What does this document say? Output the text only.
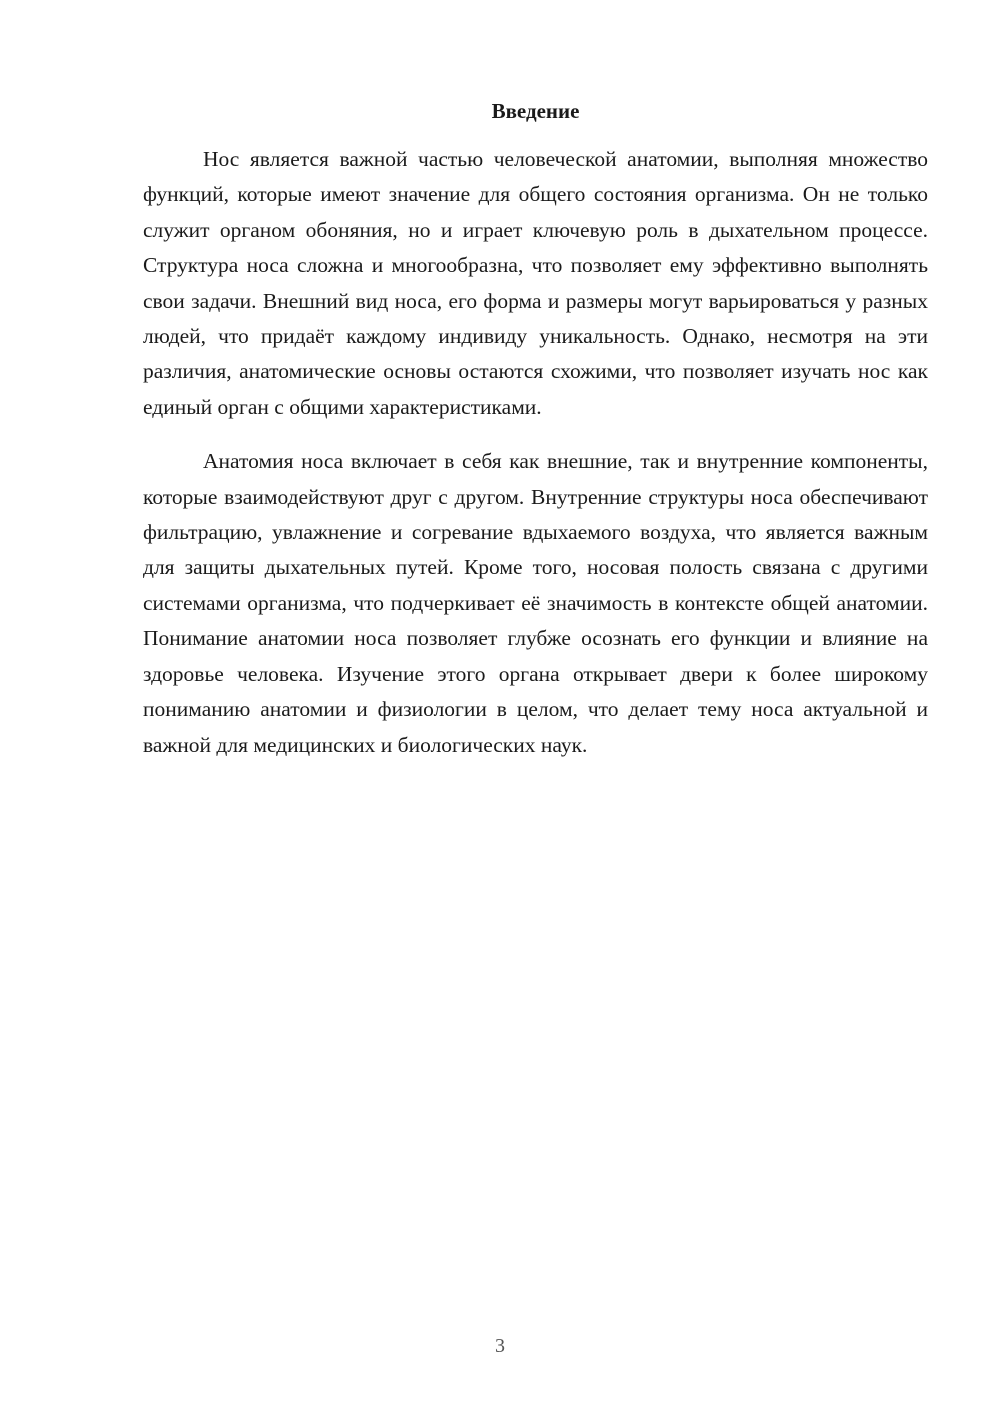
Введение

Нос является важной частью человеческой анатомии, выполняя множество функций, которые имеют значение для общего состояния организма. Он не только служит органом обоняния, но и играет ключевую роль в дыхательном процессе. Структура носа сложна и многообразна, что позволяет ему эффективно выполнять свои задачи. Внешний вид носа, его форма и размеры могут варьироваться у разных людей, что придаёт каждому индивиду уникальность. Однако, несмотря на эти различия, анатомические основы остаются схожими, что позволяет изучать нос как единый орган с общими характеристиками.

Анатомия носа включает в себя как внешние, так и внутренние компоненты, которые взаимодействуют друг с другом. Внутренние структуры носа обеспечивают фильтрацию, увлажнение и согревание вдыхаемого воздуха, что является важным для защиты дыхательных путей. Кроме того, носовая полость связана с другими системами организма, что подчеркивает её значимость в контексте общей анатомии. Понимание анатомии носа позволяет глубже осознать его функции и влияние на здоровье человека. Изучение этого органа открывает двери к более широкому пониманию анатомии и физиологии в целом, что делает тему носа актуальной и важной для медицинских и биологических наук.

3
